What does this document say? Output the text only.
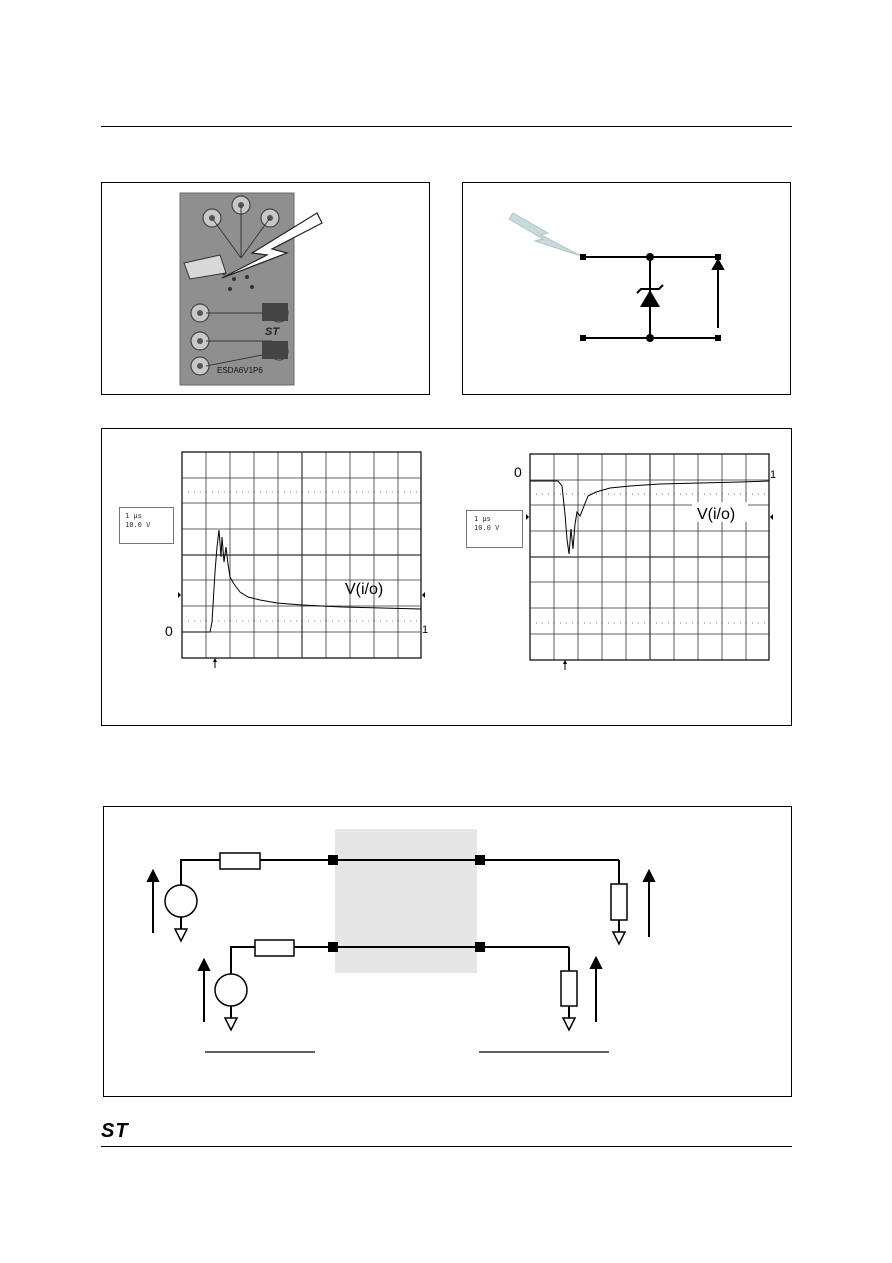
ST
ESDA6V1P6
1 µs
10.0 V
1 µs
10.0 V
0	1
V(i/o)
0	1
V(i/o)
ST
